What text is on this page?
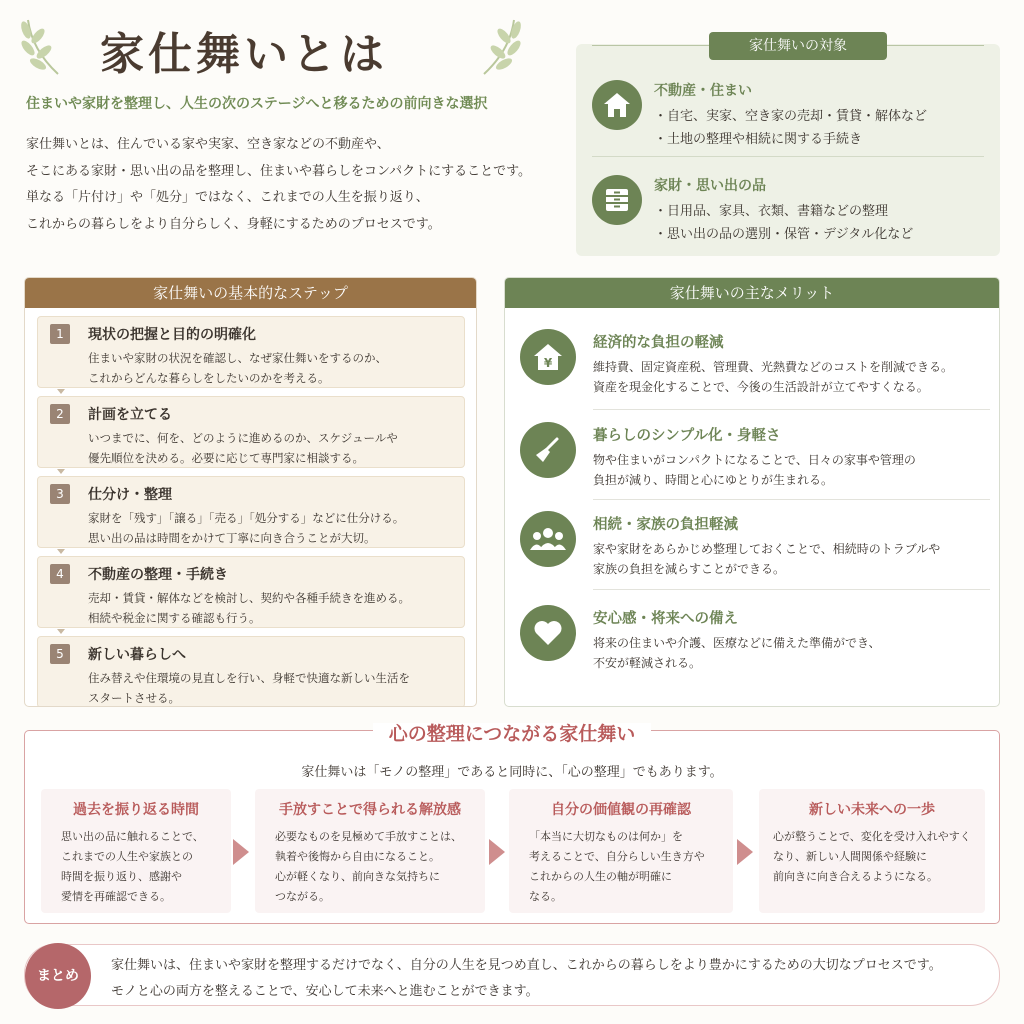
家仕舞いとは
住まいや家財を整理し、人生の次のステージへと移るための前向きな選択
家仕舞いとは、住んでいる家や実家、空き家などの不動産や、
そこにある家財・思い出の品を整理し、住まいや暮らしをコンパクトにすることです。
単なる「片付け」や「処分」ではなく、これまでの人生を振り返り、
これからの暮らしをより自分らしく、身軽にするためのプロセスです。
家仕舞いの対象
不動産・住まい
・自宅、実家、空き家の売却・賃貸・解体など
・土地の整理や相続に関する手続き
家財・思い出の品
・日用品、家具、衣類、書籍などの整理
・思い出の品の選別・保管・デジタル化など
家仕舞いの基本的なステップ
1	現状の把握と目的の明確化
住まいや家財の状況を確認し、なぜ家仕舞いをするのか、
これからどんな暮らしをしたいのかを考える。
2	計画を立てる
いつまでに、何を、どのように進めるのか、スケジュールや
優先順位を決める。必要に応じて専門家に相談する。
3	仕分け・整理
家財を「残す」「譲る」「売る」「処分する」などに仕分ける。
思い出の品は時間をかけて丁寧に向き合うことが大切。
4	不動産の整理・手続き
売却・賃貸・解体などを検討し、契約や各種手続きを進める。
相続や税金に関する確認も行う。
5	新しい暮らしへ
住み替えや住環境の見直しを行い、身軽で快適な新しい生活を
スタートさせる。
家仕舞いの主なメリット
¥
経済的な負担の軽減
維持費、固定資産税、管理費、光熱費などのコストを削減できる。
資産を現金化することで、今後の生活設計が立てやすくなる。
暮らしのシンプル化・身軽さ
物や住まいがコンパクトになることで、日々の家事や管理の
負担が減り、時間と心にゆとりが生まれる。
相続・家族の負担軽減
家や家財をあらかじめ整理しておくことで、相続時のトラブルや
家族の負担を減らすことができる。
安心感・将来への備え
将来の住まいや介護、医療などに備えた準備ができ、
不安が軽減される。
心の整理につながる家仕舞い
家仕舞いは「モノの整理」であると同時に、「心の整理」でもあります。
過去を振り返る時間
思い出の品に触れることで、
これまでの人生や家族との
時間を振り返り、感謝や
愛情を再確認できる。
手放すことで得られる解放感
必要なものを見極めて手放すことは、
執着や後悔から自由になること。
心が軽くなり、前向きな気持ちに
つながる。
自分の価値観の再確認
「本当に大切なものは何か」を
考えることで、自分らしい生き方や
これからの人生の軸が明確に
なる。
新しい未来への一歩
心が整うことで、変化を受け入れやすく
なり、新しい人間関係や経験に
前向きに向き合えるようになる。
まとめ
家仕舞いは、住まいや家財を整理するだけでなく、自分の人生を見つめ直し、これからの暮らしをより豊かにするための大切なプロセスです。
モノと心の両方を整えることで、安心して未来へと進むことができます。
